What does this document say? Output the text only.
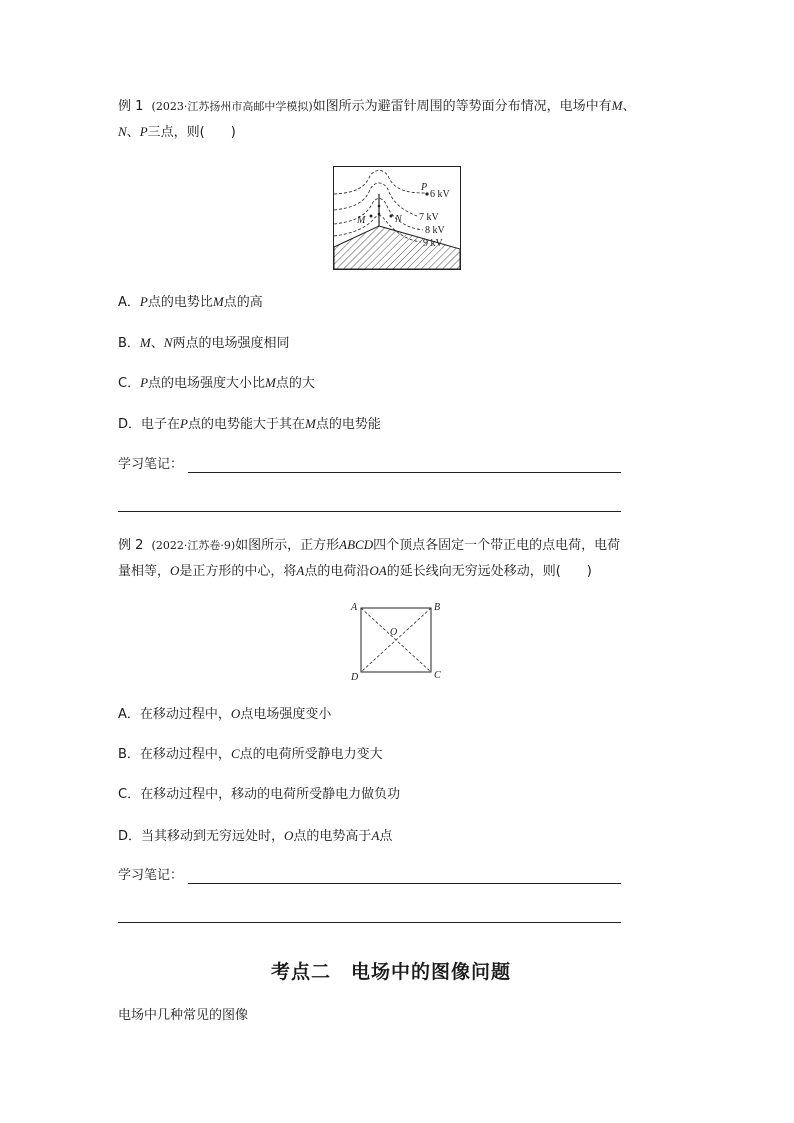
例 1 (2023·江苏扬州市高邮中学模拟)如图所示为避雷针周围的等势面分布情况，电场中有M、
N、P三点，则(　　)
P
6 kV
M	N 7 kV
8 kV
9 kV
A．P点的电势比M点的高
B．M、N两点的电场强度相同
C．P点的电场强度大小比M点的大
D．电子在P点的电势能大于其在M点的电势能
学习笔记：
例 2 (2022·江苏卷·9)如图所示，正方形ABCD四个顶点各固定一个带正电的点电荷，电荷
量相等，O是正方形的中心，将A点的电荷沿OA的延长线向无穷远处移动，则(　　)
A	B
C
D
O
A．在移动过程中，O点电场强度变小
B．在移动过程中，C点的电荷所受静电力变大
C．在移动过程中，移动的电荷所受静电力做负功
D．当其移动到无穷远处时，O点的电势高于A点
学习笔记：
考点二　电场中的图像问题
电场中几种常见的图像
